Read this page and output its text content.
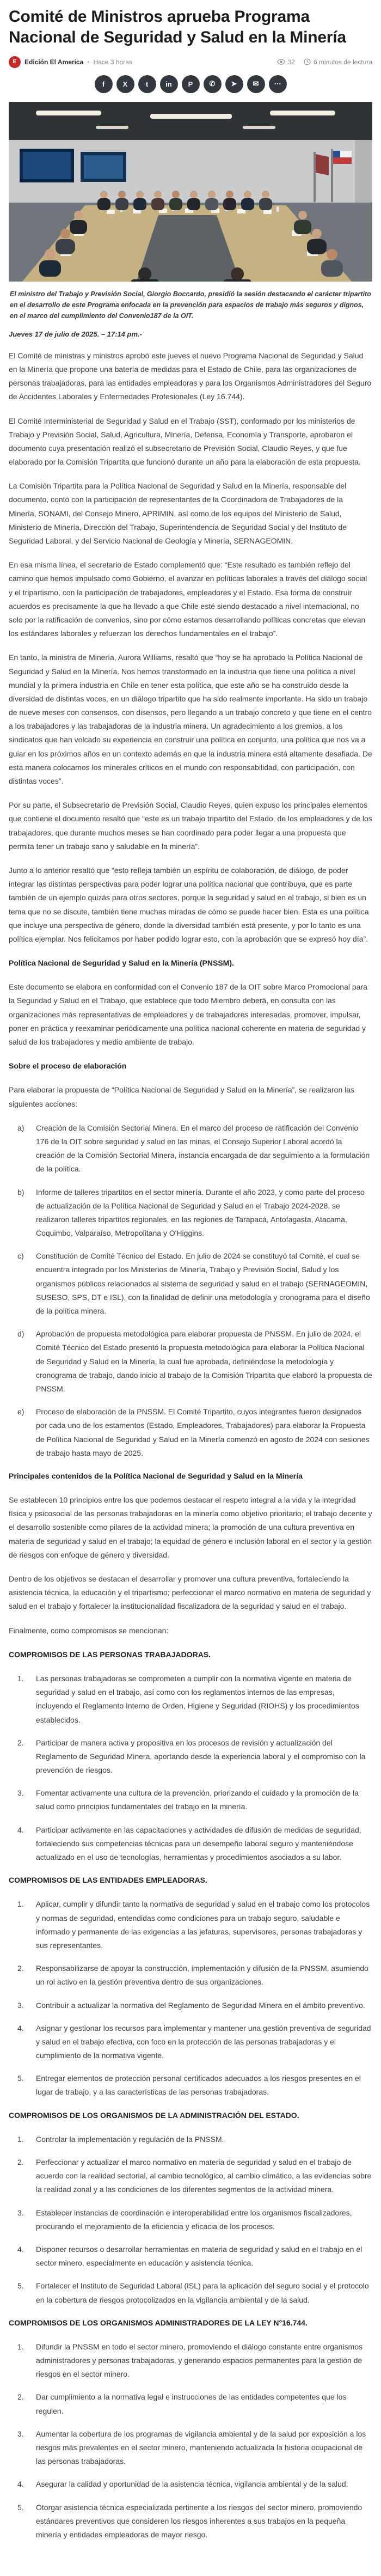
Comité de Ministros aprueba Programa Nacional de Seguridad y Salud en la Minería
E	Edición El America • Hace 3 horas	32	6 minutos de lectura
f	X	t	in	P	✆	➤	✉	⋯
El ministro del Trabajo y Previsión Social, Giorgio Boccardo, presidió la sesión destacando el carácter tripartito en el desarrollo de este Programa enfocada en la prevención para espacios de trabajo más seguros y dignos, en el marco del cumplimiento del Convenio187 de la OIT.

Jueves 17 de julio de 2025. – 17:14 pm.-

El Comité de ministras y ministros aprobó este jueves el nuevo Programa Nacional de Seguridad y Salud en la Minería que propone una batería de medidas para el Estado de Chile, para las organizaciones de personas trabajadoras, para las entidades empleadoras y para los Organismos Administradores del Seguro de Accidentes Laborales y Enfermedades Profesionales (Ley 16.744).

El Comité Interministerial de Seguridad y Salud en el Trabajo (SST), conformado por los ministerios de Trabajo y Previsión Social, Salud, Agricultura, Minería, Defensa, Economía y Transporte, aprobaron el documento cuya presentación realizó el subsecretario de Previsión Social, Claudio Reyes, y que fue elaborado por la Comisión Tripartita que funcionó durante un año para la elaboración de esta propuesta.

La Comisión Tripartita para la Política Nacional de Seguridad y Salud en la Minería, responsable del documento, contó con la participación de representantes de la Coordinadora de Trabajadores de la Minería, SONAMI, del Consejo Minero, APRIMIN, así como de los equipos del Ministerio de Salud, Ministerio de Minería, Dirección del Trabajo, Superintendencia de Seguridad Social y del Instituto de Seguridad Laboral, y del Servicio Nacional de Geología y Minería, SERNAGEOMIN.

En esa misma línea, el secretario de Estado complementó que: “Este resultado es también reflejo del camino que hemos impulsado como Gobierno, el avanzar en políticas laborales a través del diálogo social y el tripartismo, con la participación de trabajadores, empleadores y el Estado. Esa forma de construir acuerdos es precisamente la que ha llevado a que Chile esté siendo destacado a nivel internacional, no solo por la ratificación de convenios, sino por cómo estamos desarrollando políticas concretas que elevan los estándares laborales y refuerzan los derechos fundamentales en el trabajo”.

En tanto, la ministra de Minería, Aurora Williams, resaltó que “hoy se ha aprobado la Política Nacional de Seguridad y Salud en la Minería. Nos hemos transformado en la industria que tiene una política a nivel mundial y la primera industria en Chile en tener esta política, que este año se ha construido desde la diversidad de distintas voces, en un diálogo tripartito que ha sido realmente importante. Ha sido un trabajo de nueve meses con consensos, con disensos, pero llegando a un trabajo concreto y que tiene en el centro a los trabajadores y las trabajadoras de la industria minera. Un agradecimiento a los gremios, a los sindicatos que han volcado su experiencia en construir una política en conjunto, una política que nos va a guiar en los próximos años en un contexto además en que la industria minera está altamente desafiada. De esta manera colocamos los minerales críticos en el mundo con responsabilidad, con participación, con distintas voces”.

Por su parte, el Subsecretario de Previsión Social, Claudio Reyes, quien expuso los principales elementos que contiene el documento resaltó que “este es un trabajo tripartito del Estado, de los empleadores y de los trabajadores, que durante muchos meses se han coordinado para poder llegar a una propuesta que permita tener un trabajo sano y saludable en la minería”.

Junto a lo anterior resaltó que “esto refleja también un espíritu de colaboración, de diálogo, de poder integrar las distintas perspectivas para poder lograr una política nacional que contribuya, que es parte también de un ejemplo quizás para otros sectores, porque la seguridad y salud en el trabajo, si bien es un tema que no se discute, también tiene muchas miradas de cómo se puede hacer bien. Esta es una política que incluye una perspectiva de género, donde la diversidad también está presente, y por lo tanto es una política ejemplar. Nos felicitamos por haber podido lograr esto, con la aprobación que se expresó hoy día”.

Política Nacional de Seguridad y Salud en la Minería (PNSSM).

Este documento se elabora en conformidad con el Convenio 187 de la OIT sobre Marco Promocional para la Seguridad y Salud en el Trabajo, que establece que todo Miembro deberá, en consulta con las organizaciones más representativas de empleadores y de trabajadores interesadas, promover, impulsar, poner en práctica y reexaminar periódicamente una política nacional coherente en materia de seguridad y salud de los trabajadores y medio ambiente de trabajo.

Sobre el proceso de elaboración

Para elaborar la propuesta de “Política Nacional de Seguridad y Salud en la Minería”, se realizaron las siguientes acciones:

a)	Creación de la Comisión Sectorial Minera. En el marco del proceso de ratificación del Convenio 176 de la OIT sobre seguridad y salud en las minas, el Consejo Superior Laboral acordó la creación de la Comisión Sectorial Minera, instancia encargada de dar seguimiento a la formulación de la política.

b)	Informe de talleres tripartitos en el sector minería. Durante el año 2023, y como parte del proceso de actualización de la Política Nacional de Seguridad y Salud en el Trabajo 2024-2028, se realizaron talleres tripartitos regionales, en las regiones de Tarapacá, Antofagasta, Atacama, Coquimbo, Valparaíso, Metropolitana y O'Higgins.

c)	Constitución de Comité Técnico del Estado. En julio de 2024 se constituyó tal Comité, el cual se encuentra integrado por los Ministerios de Minería, Trabajo y Previsión Social, Salud y los organismos públicos relacionados al sistema de seguridad y salud en el trabajo (SERNAGEOMIN, SUSESO, SPS, DT e ISL), con la finalidad de definir una metodología y cronograma para el diseño de la política minera.

d)	Aprobación de propuesta metodológica para elaborar propuesta de PNSSM. En julio de 2024, el Comité Técnico del Estado presentó la propuesta metodológica para elaborar la Política Nacional de Seguridad y Salud en la Minería, la cual fue aprobada, definiéndose la metodología y cronograma de trabajo, dando inicio al trabajo de la Comisión Tripartita que elaboró la propuesta de PNSSM.

e)	Proceso de elaboración de la PNSSM. El Comité Tripartito, cuyos integrantes fueron designados por cada uno de los estamentos (Estado, Empleadores, Trabajadores) para elaborar la Propuesta de Política Nacional de Seguridad y Salud en la Minería comenzó en agosto de 2024 con sesiones de trabajo hasta mayo de 2025.

Principales contenidos de la Política Nacional de Seguridad y Salud en la Minería

Se establecen 10 principios entre los que podemos destacar el respeto integral a la vida y la integridad física y psicosocial de las personas trabajadoras en la minería como objetivo prioritario; el trabajo decente y el desarrollo sostenible como pilares de la actividad minera; la promoción de una cultura preventiva en materia de seguridad y salud en el trabajo; la equidad de género e inclusión laboral en el sector y la gestión de riesgos con enfoque de género y diversidad.

Dentro de los objetivos se destacan el desarrollar y promover una cultura preventiva, fortaleciendo la asistencia técnica, la educación y el tripartismo; perfeccionar el marco normativo en materia de seguridad y salud en el trabajo y fortalecer la institucionalidad fiscalizadora de la seguridad y salud en el trabajo.

Finalmente, como compromisos se mencionan:

COMPROMISOS DE LAS PERSONAS TRABAJADORAS.

1.	Las personas trabajadoras se comprometen a cumplir con la normativa vigente en materia de seguridad y salud en el trabajo, así como con los reglamentos internos de las empresas, incluyendo el Reglamento Interno de Orden, Higiene y Seguridad (RIOHS) y los procedimientos establecidos.

2.	Participar de manera activa y propositiva en los procesos de revisión y actualización del Reglamento de Seguridad Minera, aportando desde la experiencia laboral y el compromiso con la prevención de riesgos.

3.	Fomentar activamente una cultura de la prevención, priorizando el cuidado y la promoción de la salud como principios fundamentales del trabajo en la minería.

4.	Participar activamente en las capacitaciones y actividades de difusión de medidas de seguridad, fortaleciendo sus competencias técnicas para un desempeño laboral seguro y manteniéndose actualizado en el uso de tecnologías, herramientas y procedimientos asociados a su labor.

COMPROMISOS DE LAS ENTIDADES EMPLEADORAS.

1.	Aplicar, cumplir y difundir tanto la normativa de seguridad y salud en el trabajo como los protocolos y normas de seguridad, entendidas como condiciones para un trabajo seguro, saludable e informado y permanente de las exigencias a las jefaturas, supervisores, personas trabajadoras y sus representantes.

2.	Responsabilizarse de apoyar la construcción, implementación y difusión de la PNSSM, asumiendo un rol activo en la gestión preventiva dentro de sus organizaciones.

3.	Contribuir a actualizar la normativa del Reglamento de Seguridad Minera en el ámbito preventivo.

4.	Asignar y gestionar los recursos para implementar y mantener una gestión preventiva de seguridad y salud en el trabajo efectiva, con foco en la protección de las personas trabajadoras y el cumplimiento de la normativa vigente.

5.	Entregar elementos de protección personal certificados adecuados a los riesgos presentes en el lugar de trabajo, y a las características de las personas trabajadoras.

COMPROMISOS DE LOS ORGANISMOS DE LA ADMINISTRACIÓN DEL ESTADO.

1.	Controlar la implementación y regulación de la PNSSM.

2.	Perfeccionar y actualizar el marco normativo en materia de seguridad y salud en el trabajo de acuerdo con la realidad sectorial, al cambio tecnológico, al cambio climático, a las evidencias sobre la realidad zonal y a las condiciones de los diferentes segmentos de la actividad minera.

3.	Establecer instancias de coordinación e interoperabilidad entre los organismos fiscalizadores, procurando el mejoramiento de la eficiencia y eficacia de los procesos.

4.	Disponer recursos o desarrollar herramientas en materia de seguridad y salud en el trabajo en el sector minero, especialmente en educación y asistencia técnica.

5.	Fortalecer el Instituto de Seguridad Laboral (ISL) para la aplicación del seguro social y el protocolo en la cobertura de riesgos protocolizados en la vigilancia ambiental y de la salud.

COMPROMISOS DE LOS ORGANISMOS ADMINISTRADORES DE LA LEY N°16.744.

1.	Difundir la PNSSM en todo el sector minero, promoviendo el diálogo constante entre organismos administradores y personas trabajadoras, y generando espacios permanentes para la gestión de riesgos en el sector minero.

2.	Dar cumplimiento a la normativa legal e instrucciones de las entidades competentes que los regulen.

3.	Aumentar la cobertura de los programas de vigilancia ambiental y de la salud por exposición a los riesgos más prevalentes en el sector minero, manteniendo actualizada la historia ocupacional de las personas trabajadoras.

4.	Asegurar la calidad y oportunidad de la asistencia técnica, vigilancia ambiental y de la salud.

5.	Otorgar asistencia técnica especializada pertinente a los riesgos del sector minero, promoviendo estándares preventivos que consideren los riesgos inherentes a sus trabajos en la pequeña minería y entidades empleadoras de mayor riesgo.
